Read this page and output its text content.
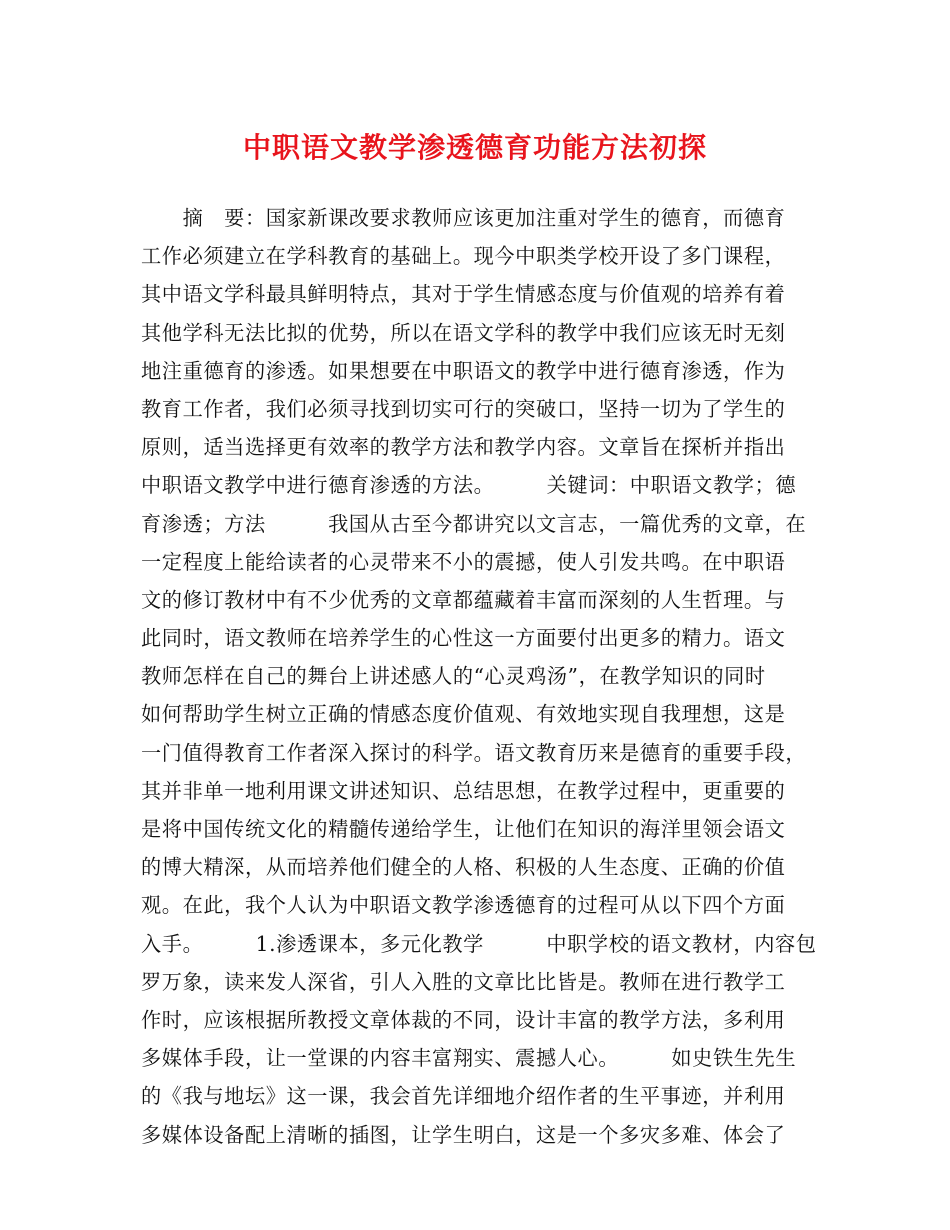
中职语文教学渗透德育功能方法初探
　　摘　要：国家新课改要求教师应该更加注重对学生的德育，而德育
工作必须建立在学科教育的基础上。现今中职类学校开设了多门课程，
其中语文学科最具鲜明特点，其对于学生情感态度与价值观的培养有着
其他学科无法比拟的优势，所以在语文学科的教学中我们应该无时无刻
地注重德育的渗透。如果想要在中职语文的教学中进行德育渗透，作为
教育工作者，我们必须寻找到切实可行的突破口，坚持一切为了学生的
原则，适当选择更有效率的教学方法和教学内容。文章旨在探析并指出
中职语文教学中进行德育渗透的方法。　　　关键词：中职语文教学；德
育渗透；方法　　　我国从古至今都讲究以文言志，一篇优秀的文章，在
一定程度上能给读者的心灵带来不小的震撼，使人引发共鸣。在中职语
文的修订教材中有不少优秀的文章都蕴藏着丰富而深刻的人生哲理。与
此同时，语文教师在培养学生的心性这一方面要付出更多的精力。语文
教师怎样在自己的舞台上讲述感人的“心灵鸡汤”，在教学知识的同时
如何帮助学生树立正确的情感态度价值观、有效地实现自我理想，这是
一门值得教育工作者深入探讨的科学。语文教育历来是德育的重要手段，
其并非单一地利用课文讲述知识、总结思想，在教学过程中，更重要的
是将中国传统文化的精髓传递给学生，让他们在知识的海洋里领会语文
的博大精深，从而培养他们健全的人格、积极的人生态度、正确的价值
观。在此，我个人认为中职语文教学渗透德育的过程可从以下四个方面
入手。　　　1.渗透课本，多元化教学　　　中职学校的语文教材，内容包
罗万象，读来发人深省，引人入胜的文章比比皆是。教师在进行教学工
作时，应该根据所教授文章体裁的不同，设计丰富的教学方法，多利用
多媒体手段，让一堂课的内容丰富翔实、震撼人心。　　　如史铁生先生
的《我与地坛》这一课，我会首先详细地介绍作者的生平事迹，并利用
多媒体设备配上清晰的插图，让学生明白，这是一个多灾多难、体会了
